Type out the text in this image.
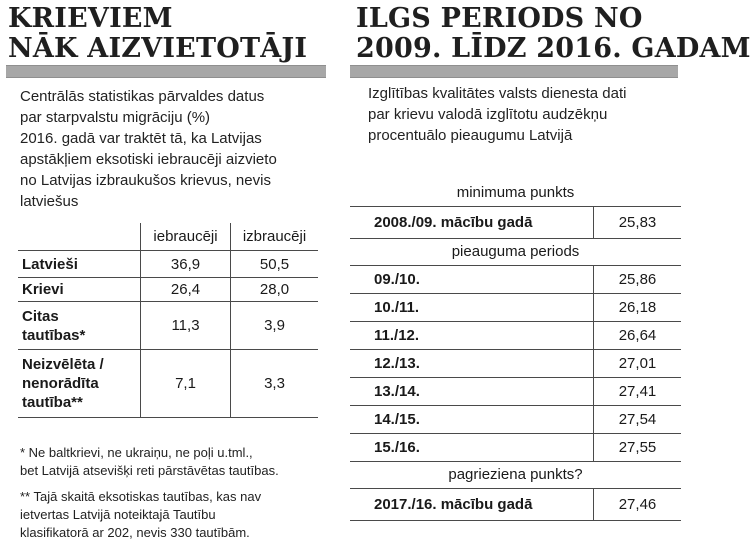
KRIEVIEM
NĀK AIZVIETOTĀJI
Centrālās statistikas pārvaldes datus
par starpvalstu migrāciju (%)
2016. gadā var traktēt tā, ka Latvijas
apstākļiem eksotiski iebraucēji aizvieto
no Latvijas izbraukušos krievus, nevis
latviešus
iebraucēji	izbraucēji
Latvieši	36,9	50,5
Krievi	26,4	28,0
Citas
tautības*
11,3	3,9
Neizvēlēta /
nenorādīta
tautība**
7,1	3,3
* Ne baltkrievi, ne ukraiņu, ne poļi u.tml.,
bet Latvijā atsevišķi reti pārstāvētas tautības.
** Tajā skaitā eksotiskas tautības, kas nav
ietvertas Latvijā noteiktajā Tautību
klasifikatorā ar 202, nevis 330 tautībām.
ILGS PERIODS NO
2009. LĪDZ 2016. GADAM
Izglītības kvalitātes valsts dienesta dati
par krievu valodā izglītotu audzēkņu
procentuālo pieaugumu Latvijā
minimuma punkts
2008./09. mācību gadā	25,83
pieauguma periods
09./10.	25,86
10./11.	26,18
11./12.	26,64
12./13.	27,01
13./14.	27,41
14./15.	27,54
15./16.	27,55
pagrieziena punkts?
2017./16. mācību gadā	27,46
